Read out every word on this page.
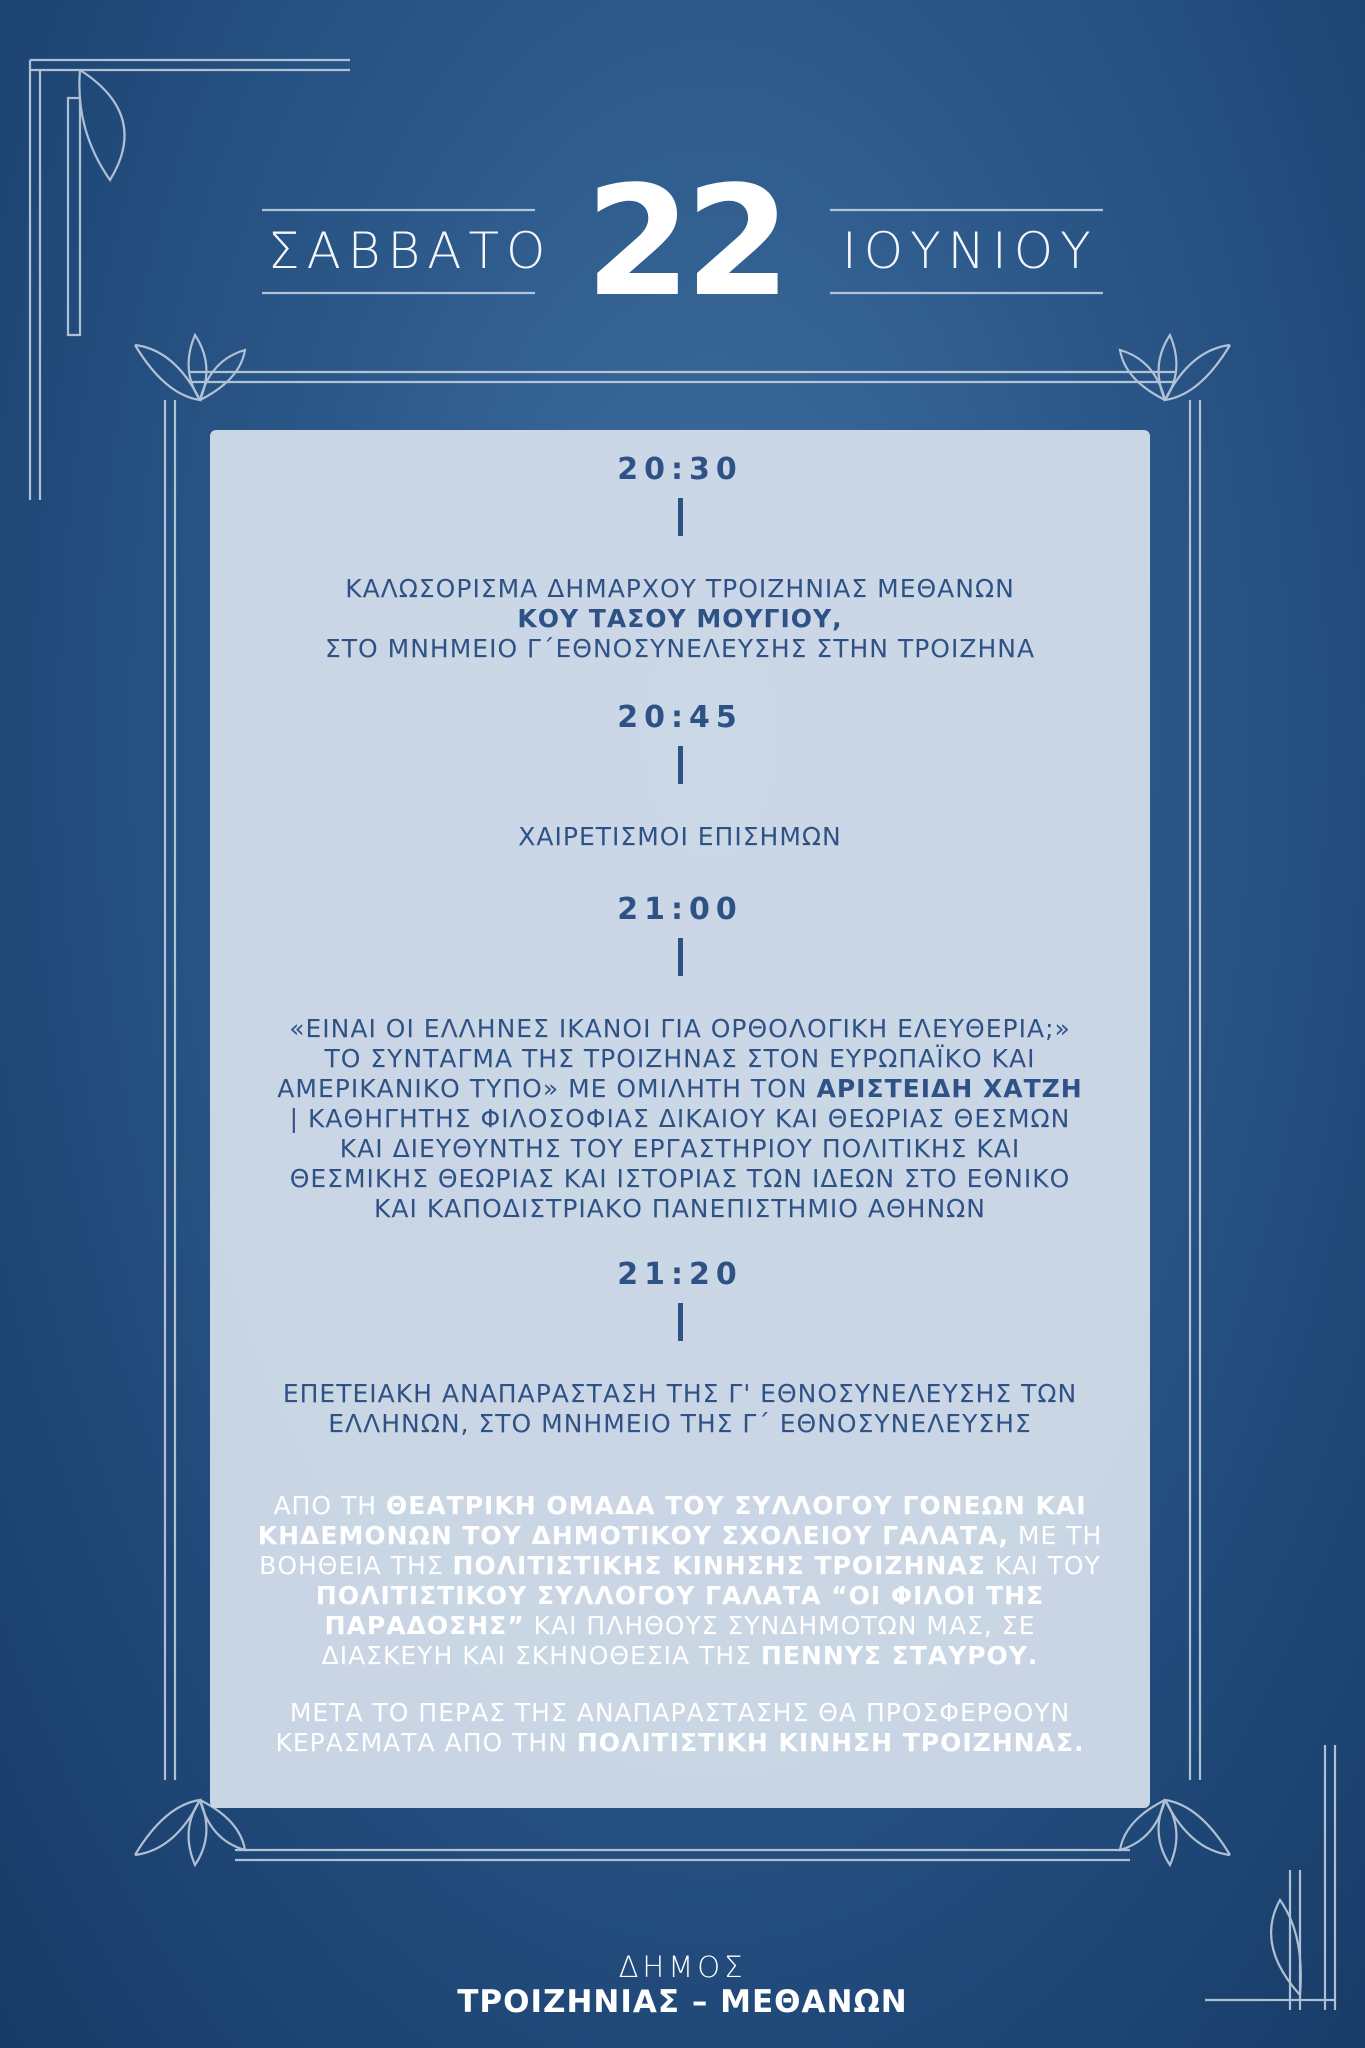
ΣΑΒΒΑΤΟ 22	ΙΟΥΝΙΟΥ
20:30
ΚΑΛΩΣΟΡΙΣΜΑ ΔΗΜΑΡΧΟΥ ΤΡΟΙΖΗΝΙΑΣ ΜΕΘΑΝΩΝ
ΚΟΥ ΤΑΣΟΥ ΜΟΥΓΙΟΥ,
ΣΤΟ ΜΝΗΜΕΙΟ Γ΄ΕΘΝΟΣΥΝΕΛΕΥΣΗΣ ΣΤΗΝ ΤΡΟΙΖΗΝΑ
20:45
ΧΑΙΡΕΤΙΣΜΟΙ ΕΠΙΣΗΜΩΝ
21:00
«ΕΙΝΑΙ ΟΙ ΕΛΛΗΝΕΣ ΙΚΑΝΟΙ ΓΙΑ ΟΡΘΟΛΟΓΙΚΗ ΕΛΕΥΘΕΡΙΑ;»
ΤΟ ΣΥΝΤΑΓΜΑ ΤΗΣ ΤΡΟΙΖΗΝΑΣ ΣΤΟΝ ΕΥΡΩΠΑΪΚΟ ΚΑΙ
ΑΜΕΡΙΚΑΝΙΚΟ ΤΥΠΟ» ΜΕ ΟΜΙΛΗΤΗ ΤΟΝ ΑΡΙΣΤΕΙΔΗ ΧΑΤΖΗ
| ΚΑΘΗΓΗΤΗΣ ΦΙΛΟΣΟΦΙΑΣ ΔΙΚΑΙΟΥ ΚΑΙ ΘΕΩΡΙΑΣ ΘΕΣΜΩΝ
ΚΑΙ ΔΙΕΥΘΥΝΤΗΣ ΤΟΥ ΕΡΓΑΣΤΗΡΙΟΥ ΠΟΛΙΤΙΚΗΣ ΚΑΙ
ΘΕΣΜΙΚΗΣ ΘΕΩΡΙΑΣ ΚΑΙ ΙΣΤΟΡΙΑΣ ΤΩΝ ΙΔΕΩΝ ΣΤΟ ΕΘΝΙΚΟ
ΚΑΙ ΚΑΠΟΔΙΣΤΡΙΑΚΟ ΠΑΝΕΠΙΣΤΗΜΙΟ ΑΘΗΝΩΝ
21:20
ΕΠΕΤΕΙΑΚΗ ΑΝΑΠΑΡΑΣΤΑΣΗ ΤΗΣ Γ' ΕΘΝΟΣΥΝΕΛΕΥΣΗΣ ΤΩΝ
ΕΛΛΗΝΩΝ, ΣΤΟ ΜΝΗΜΕΙΟ ΤΗΣ Γ΄ ΕΘΝΟΣΥΝΕΛΕΥΣΗΣ
ΑΠΟ ΤΗ ΘΕΑΤΡΙΚΗ ΟΜΑΔΑ ΤΟΥ ΣΥΛΛΟΓΟΥ ΓΟΝΕΩΝ ΚΑΙ
ΚΗΔΕΜΟΝΩΝ ΤΟΥ ΔΗΜΟΤΙΚΟΥ ΣΧΟΛΕΙΟΥ ΓΑΛΑΤΑ, ΜΕ ΤΗ
ΒΟΗΘΕΙΑ ΤΗΣ ΠΟΛΙΤΙΣΤΙΚΗΣ ΚΙΝΗΣΗΣ ΤΡΟΙΖΗΝΑΣ ΚΑΙ ΤΟΥ
ΠΟΛΙΤΙΣΤΙΚΟΥ ΣΥΛΛΟΓΟΥ ΓΑΛΑΤΑ “ΟΙ ΦΙΛΟΙ ΤΗΣ
ΠΑΡΑΔΟΣΗΣ” ΚΑΙ ΠΛΗΘΟΥΣ ΣΥΝΔΗΜΟΤΩΝ ΜΑΣ, ΣΕ
ΔΙΑΣΚΕΥΗ ΚΑΙ ΣΚΗΝΟΘΕΣΙΑ ΤΗΣ ΠΕΝΝΥΣ ΣΤΑΥΡΟΥ.
ΜΕΤΑ ΤΟ ΠΕΡΑΣ ΤΗΣ ΑΝΑΠΑΡΑΣΤΑΣΗΣ ΘΑ ΠΡΟΣΦΕΡΘΟΥΝ
ΚΕΡΑΣΜΑΤΑ ΑΠΟ ΤΗΝ ΠΟΛΙΤΙΣΤΙΚΗ ΚΙΝΗΣΗ ΤΡΟΙΖΗΝΑΣ.
ΔΗΜΟΣ
ΤΡΟΙΖΗΝΙΑΣ – ΜΕΘΑΝΩΝ
